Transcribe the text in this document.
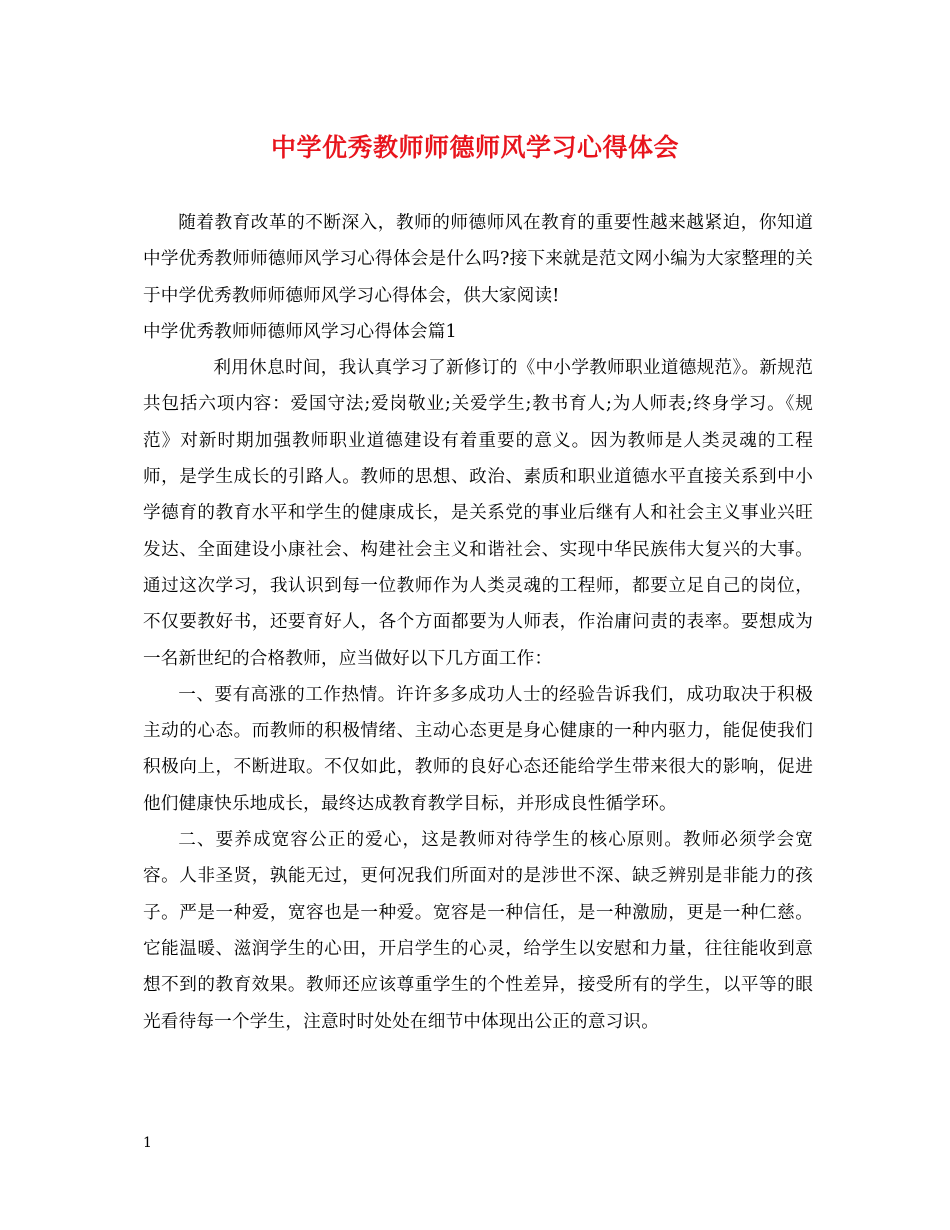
中学优秀教师师德师风学习心得体会

随着教育改革的不断深入，教师的师德师风在教育的重要性越来越紧迫，你知道中学优秀教师师德师风学习心得体会是什么吗?接下来就是范文网小编为大家整理的关于中学优秀教师师德师风学习心得体会，供大家阅读!

中学优秀教师师德师风学习心得体会篇1

利用休息时间，我认真学习了新修订的《中小学教师职业道德规范》。新规范共包括六项内容：爱国守法;爱岗敬业;关爱学生;教书育人;为人师表;终身学习。《规范》对新时期加强教师职业道德建设有着重要的意义。因为教师是人类灵魂的工程师，是学生成长的引路人。教师的思想、政治、素质和职业道德水平直接关系到中小学德育的教育水平和学生的健康成长，是关系党的事业后继有人和社会主义事业兴旺发达、全面建设小康社会、构建社会主义和谐社会、实现中华民族伟大复兴的大事。通过这次学习，我认识到每一位教师作为人类灵魂的工程师，都要立足自己的岗位，不仅要教好书，还要育好人，各个方面都要为人师表，作治庸问责的表率。要想成为一名新世纪的合格教师，应当做好以下几方面工作：

一、要有高涨的工作热情。许许多多成功人士的经验告诉我们，成功取决于积极主动的心态。而教师的积极情绪、主动心态更是身心健康的一种内驱力，能促使我们积极向上，不断进取。不仅如此，教师的良好心态还能给学生带来很大的影响，促进他们健康快乐地成长，最终达成教育教学目标，并形成良性循学环。

二、要养成宽容公正的爱心，这是教师对待学生的核心原则。教师必须学会宽容。人非圣贤，孰能无过，更何况我们所面对的是涉世不深、缺乏辨别是非能力的孩子。严是一种爱，宽容也是一种爱。宽容是一种信任，是一种激励，更是一种仁慈。它能温暖、滋润学生的心田，开启学生的心灵，给学生以安慰和力量，往往能收到意想不到的教育效果。教师还应该尊重学生的个性差异，接受所有的学生，以平等的眼光看待每一个学生，注意时时处处在细节中体现出公正的意习识。

1
